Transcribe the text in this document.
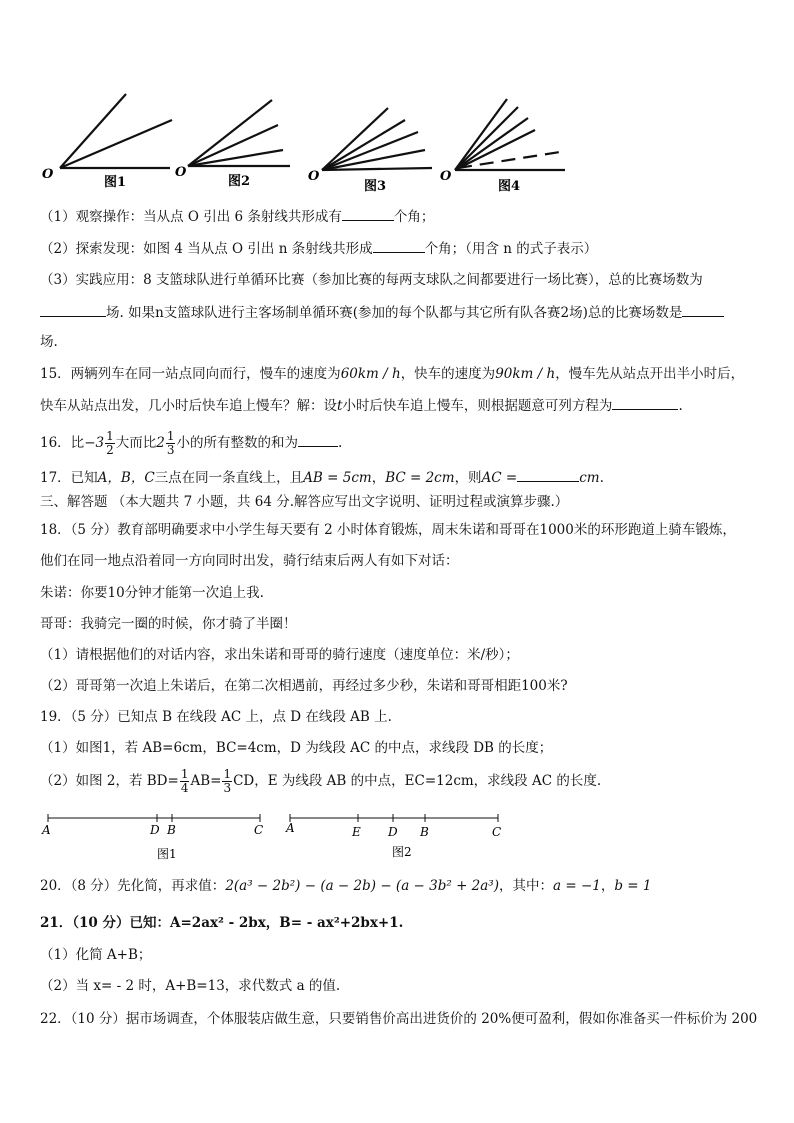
O
图1
O
图2	O
图3
O
图4
（1）观察操作：当从点 O 引出 6 条射线共形成有	个角；
（2）探索发现：如图 4 当从点 O 引出 n 条射线共形成	个角；（用含 n 的式子表示）
（3）实践应用：8 支篮球队进行单循环比赛（参加比赛的每两支球队之间都要进行一场比赛），总的比赛场数为
场. 如果n支篮球队进行主客场制单循环赛(参加的每个队都与其它所有队各赛2场)总的比赛场数是
场.
15．两辆列车在同一站点同向而行，慢车的速度为60km / h，快车的速度为90km / h，慢车先从站点开出半小时后，
快车从站点出发，几小时后快车追上慢车？解：设t小时后快车追上慢车，则根据题意可列方程为	.
16．比$-3 \frac{1}{2}$ 大而比$2 \frac{1}{3}$ 小的所有整数的和为	.
17．已知A，B，C三点在同一条直线上，且AB = 5cm，BC = 2cm，则AC =	cm.
三、解答题 （本大题共 7 小题，共 64 分.解答应写出文字说明、证明过程或演算步骤.）
18．（5 分）教育部明确要求中小学生每天要有 2 小时体育锻炼，周末朱诺和哥哥在1000米的环形跑道上骑车锻炼，
他们在同一地点沿着同一方向同时出发，骑行结束后两人有如下对话：
朱诺：你要10分钟才能第一次追上我.
哥哥：我骑完一圈的时候，你才骑了半圈！
（1）请根据他们的对话内容，求出朱诺和哥哥的骑行速度（速度单位：米/秒）；
（2）哥哥第一次追上朱诺后，在第二次相遇前，再经过多少秒，朱诺和哥哥相距100米?
19．（5 分）已知点 B 在线段 AC 上，点 D 在线段 AB 上.
（1）如图1，若 AB=6cm，BC=4cm，D 为线段 AC 的中点，求线段 DB 的长度；
（2）如图 2，若 $BD= \frac{1}{4} AB= \frac{1}{3}$ CD，E 为线段 AB 的中点，EC=12cm，求线段 AC 的长度.
A	D B	C
图1
A	E D B	C
图2
20．（8 分）先化简，再求值：2(a³ − 2b²) − (a − 2b) − (a − 3b² + 2a³)，其中：a = −1，b = 1
21．（10 分）已知：A=2ax² - 2bx，B= - ax²+2bx+1.
（1）化简 A+B；
（2）当 x= - 2 时，A+B=13，求代数式 a 的值.
22．（10 分）据市场调查，个体服装店做生意，只要销售价高出进货价的 20%便可盈利，假如你准备买一件标价为 200
